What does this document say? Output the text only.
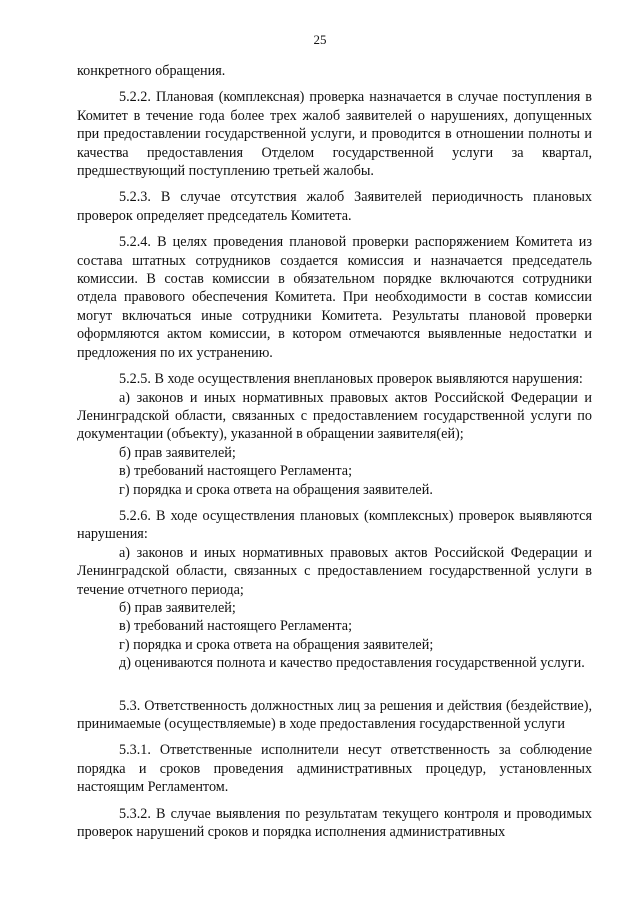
25

конкретного обращения.

5.2.2. Плановая (комплексная) проверка назначается в случае поступления в Комитет в течение года более трех жалоб заявителей о нарушениях, допущенных при предоставлении государственной услуги, и проводится в отношении полноты и качества предоставления Отделом государственной услуги за квартал, предшествующий поступлению третьей жалобы.

5.2.3. В случае отсутствия жалоб Заявителей периодичность плановых проверок определяет председатель Комитета.

5.2.4. В целях проведения плановой проверки распоряжением Комитета из состава штатных сотрудников создается комиссия и назначается председатель комиссии. В состав комиссии в обязательном порядке включаются сотрудники отдела правового обеспечения Комитета. При необходимости в состав комиссии могут включаться иные сотрудники Комитета. Результаты плановой проверки оформляются актом комиссии, в котором отмечаются выявленные недостатки и предложения по их устранению.

5.2.5. В ходе осуществления внеплановых проверок выявляются нарушения:

а) законов и иных нормативных правовых актов Российской Федерации и Ленинградской области, связанных с предоставлением государственной услуги по документации (объекту), указанной в обращении заявителя(ей);

б) прав заявителей;

в) требований настоящего Регламента;

г) порядка и срока ответа на обращения заявителей.

5.2.6. В ходе осуществления плановых (комплексных) проверок выявляются нарушения:

а) законов и иных нормативных правовых актов Российской Федерации и Ленинградской области, связанных с предоставлением государственной услуги в течение отчетного периода;

б) прав заявителей;

в) требований настоящего Регламента;

г) порядка и срока ответа на обращения заявителей;

д) оцениваются полнота и качество предоставления государственной услуги.

5.3. Ответственность должностных лиц за решения и действия (бездействие), принимаемые (осуществляемые) в ходе предоставления государственной услуги

5.3.1. Ответственные исполнители несут ответственность за соблюдение порядка и сроков проведения административных процедур, установленных настоящим Регламентом.

5.3.2. В случае выявления по результатам текущего контроля и проводимых проверок нарушений сроков и порядка исполнения административных
